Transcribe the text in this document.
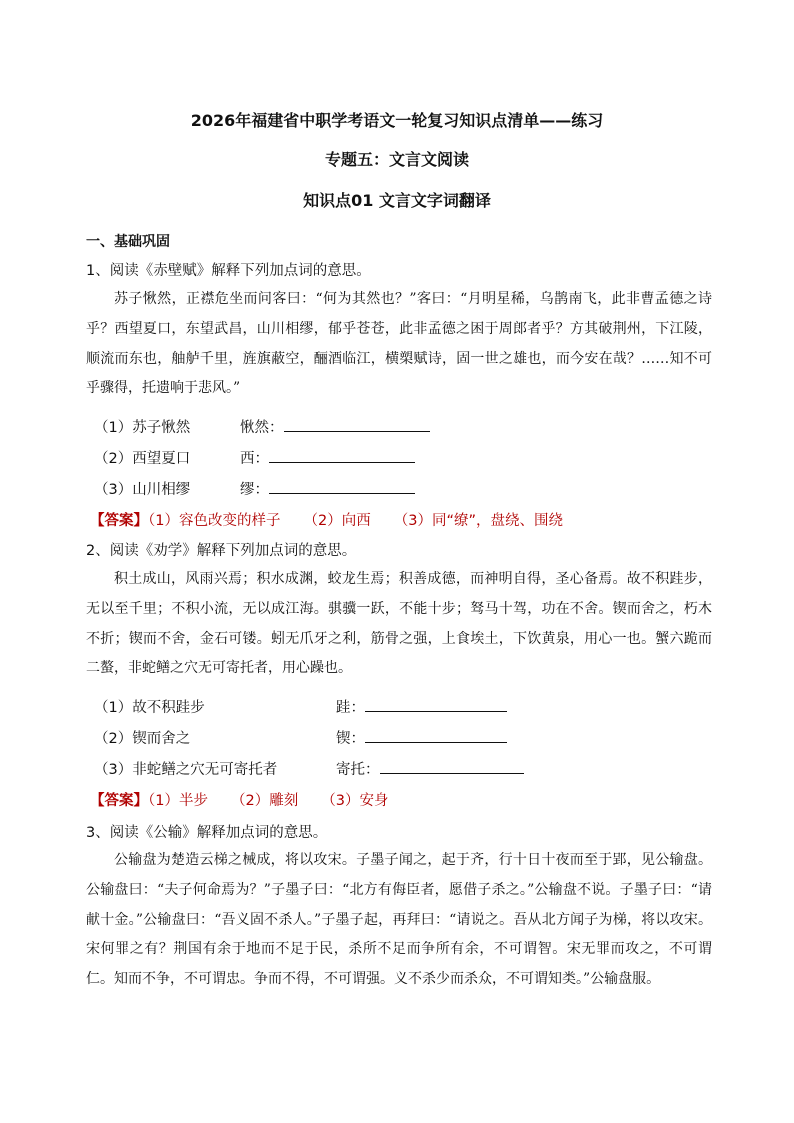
2026年福建省中职学考语文一轮复习知识点清单——练习
专题五：文言文阅读
知识点01 文言文字词翻译
一、基础巩固
1、阅读《赤壁赋》解释下列加点词的意思。

苏子愀然，正襟危坐而问客曰：“何为其然也？”客曰：“月明星稀，乌鹊南飞，此非曹孟德之诗乎？西望夏口，东望武昌，山川相缪，郁乎苍苍，此非孟德之困于周郎者乎？方其破荆州，下江陵，顺流而东也，舳舻千里，旌旗蔽空，酾酒临江，横槊赋诗，固一世之雄也，而今安在哉？……知不可乎骤得，托遗响于悲风。”

（1）苏子愀然	愀然：
（2）西望夏口	西：
（3）山川相缪	缪：
【答案】（1）容色改变的样子     （2）向西     （3）同“缭”，盘绕、围绕
2、阅读《劝学》解释下列加点词的意思。

积土成山，风雨兴焉；积水成渊，蛟龙生焉；积善成德，而神明自得，圣心备焉。故不积跬步，无以至千里；不积小流，无以成江海。骐骥一跃，不能十步；驽马十驾，功在不舍。锲而舍之，朽木不折；锲而不舍，金石可镂。蚓无爪牙之利，筋骨之强，上食埃土，下饮黄泉，用心一也。蟹六跪而二螯，非蛇鳝之穴无可寄托者，用心躁也。

（1）故不积跬步	跬：
（2）锲而舍之	锲：
（3）非蛇鳝之穴无可寄托者	寄托：
【答案】（1）半步     （2）雕刻     （3）安身
3、阅读《公输》解释加点词的意思。

公输盘为楚造云梯之械成，将以攻宋。子墨子闻之，起于齐，行十日十夜而至于郢，见公输盘。公输盘曰：“夫子何命焉为？”子墨子曰：“北方有侮臣者，愿借子杀之。”公输盘不说。子墨子曰：“请献十金。”公输盘曰：“吾义固不杀人。”子墨子起，再拜曰：“请说之。吾从北方闻子为梯，将以攻宋。宋何罪之有？荆国有余于地而不足于民，杀所不足而争所有余，不可谓智。宋无罪而攻之，不可谓仁。知而不争，不可谓忠。争而不得，不可谓强。义不杀少而杀众，不可谓知类。”公输盘服。
